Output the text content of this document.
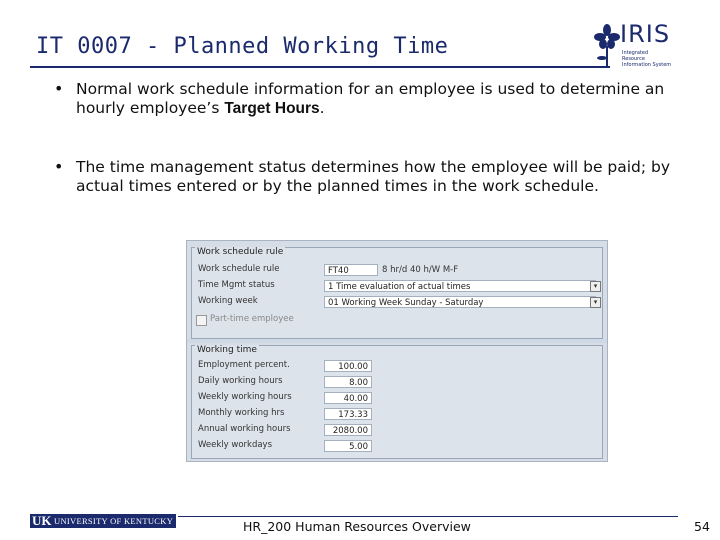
IT 0007 - Planned Working Time	IRIS
Integrated Resource Information System
• Normal work schedule information for an employee is used to determine an hourly employee’s Target Hours.
• The time management status determines how the employee will be paid; by actual times entered or by the planned times in the work schedule.
Work schedule rule
Work schedule rule	FT40	8 hr/d 40 h/W M-F
Time Mgmt status	1 Time evaluation of actual times	▾
Working week	01 Working Week Sunday - Saturday	▾
Part-time employee
Working time
Employment percent.	100.00
Daily working hours	8.00
Weekly working hours	40.00
Monthly working hrs	173.33
Annual working hours	2080.00
Weekly workdays	5.00
UK UNIVERSITY OF KENTUCKY	HR_200 Human Resources Overview	54
